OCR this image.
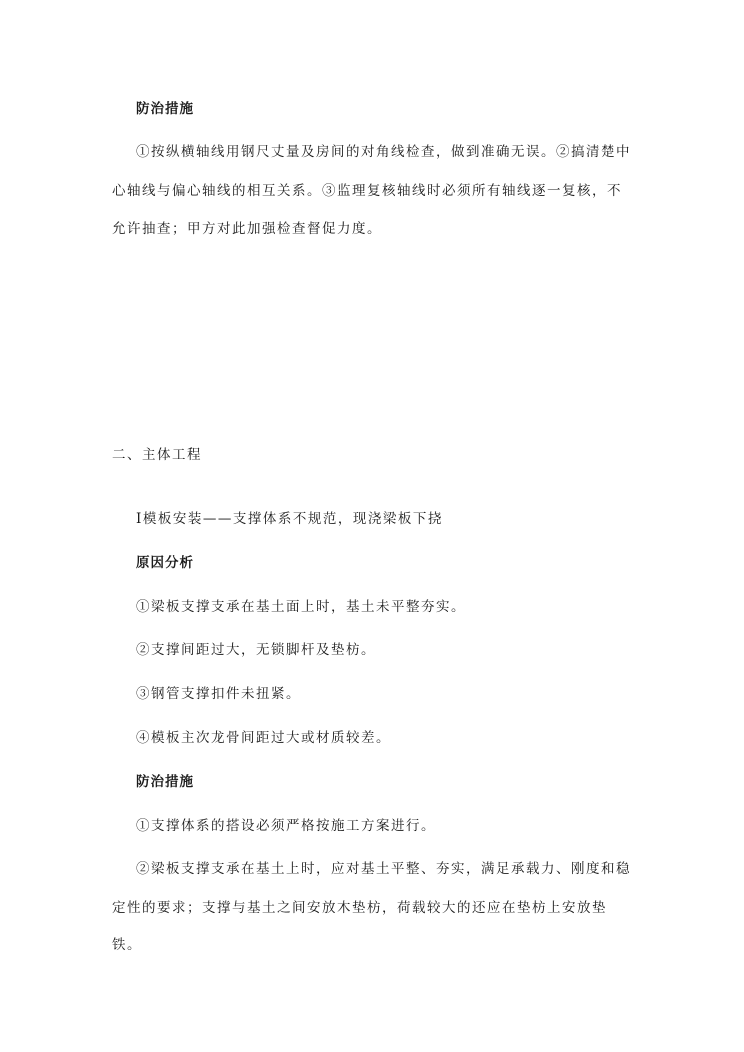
防治措施
①按纵横轴线用钢尺丈量及房间的对角线检查，做到准确无误。②搞清楚中
心轴线与偏心轴线的相互关系。③监理复核轴线时必须所有轴线逐一复核，不
允许抽查；甲方对此加强检查督促力度。
二、主体工程
Ⅰ模板安装——支撑体系不规范，现浇梁板下挠
原因分析
①梁板支撑支承在基土面上时，基土未平整夯实。
②支撑间距过大，无锁脚杆及垫枋。
③钢管支撑扣件未扭紧。
④模板主次龙骨间距过大或材质较差。
防治措施
①支撑体系的搭设必须严格按施工方案进行。
②梁板支撑支承在基土上时，应对基土平整、夯实，满足承载力、刚度和稳
定性的要求；支撑与基土之间安放木垫枋，荷载较大的还应在垫枋上安放垫
铁。
